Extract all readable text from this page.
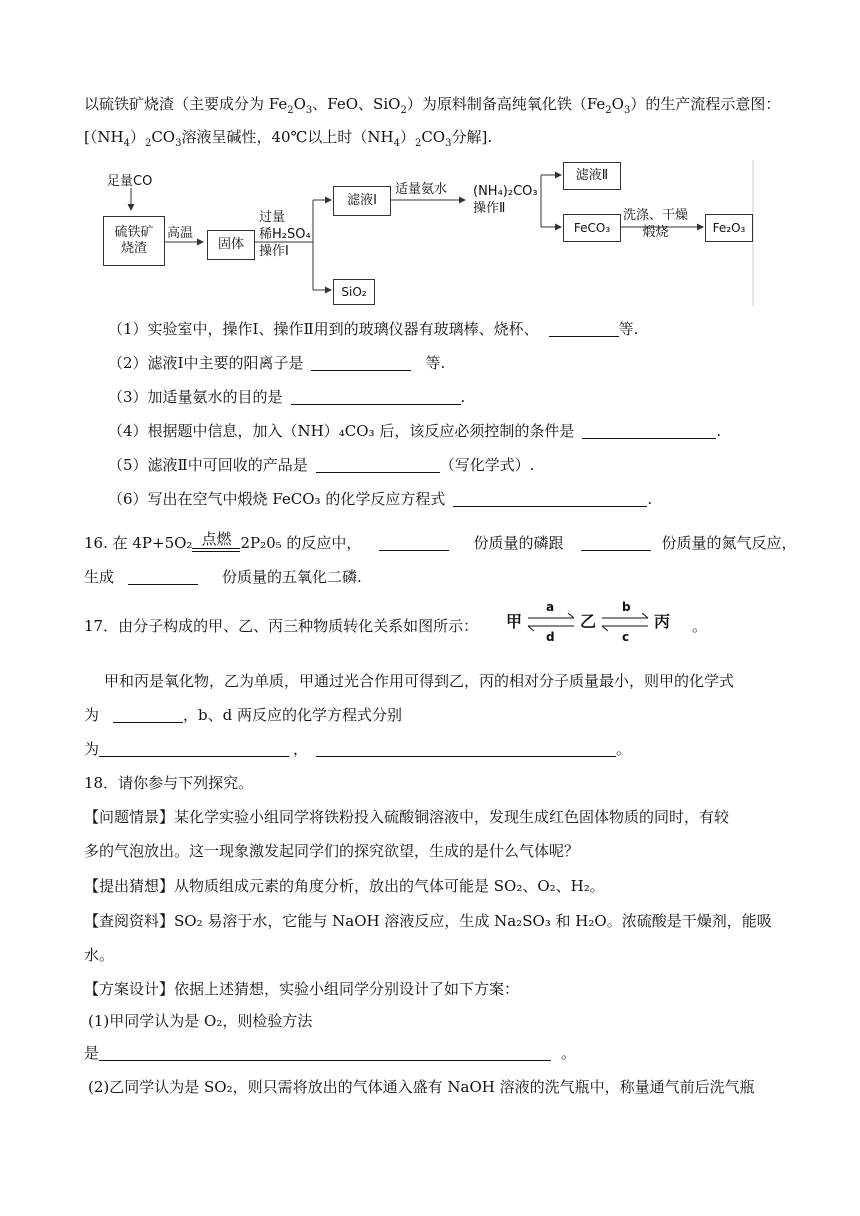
以硫铁矿烧渣（主要成分为 $Fe_2O_3$、FeO、SiO$_2$）为原料制备高纯氧化铁$(Fe_2O_3)$的生产流程示意图：
[$(NH_4)_2CO_3$溶液呈碱性，40℃以上时$(NH_4)_2CO_3$分解].
足量CO
硫铁矿
烧渣
高温
固体
过量
稀H₂SO₄
操作Ⅰ
滤液Ⅰ
适量氨水 (NH₄)₂CO₃
操作Ⅱ
滤液Ⅱ
FeCO₃
洗涤、干燥
煅烧	Fe₂O₃
SiO₂
（1）实验室中，操作Ⅰ、操作Ⅱ用到的玻璃仪器有玻璃棒、烧杯、	等.
（2）滤液Ⅰ中主要的阳离子是	等.
（3）加适量氨水的目的是	.
（4）根据题中信息，加入（NH）₄CO₃ 后，该反应必须控制的条件是	.
（5）滤液Ⅱ中可回收的产品是	（写化学式）.
（6）写出在空气中煅烧 FeCO₃ 的化学反应方程式	.
16. 在 4P+5O₂ 点燃 2P₂0₅ 的反应中，	份质量的磷跟	份质量的氮气反应，
生成	份质量的五氧化二磷.
17．由分子构成的甲、乙、丙三种物质转化关系如图所示： 甲	乙	丙
a
d
b
c
。
甲和丙是氧化物，乙为单质，甲通过光合作用可得到乙，丙的相对分子质量最小，则甲的化学式
为	，b、d 两反应的化学方程式分别
为	，	。
18．请你参与下列探究。
【问题情景】某化学实验小组同学将铁粉投入硫酸铜溶液中，发现生成红色固体物质的同时，有较
多的气泡放出。这一现象激发起同学们的探究欲望，生成的是什么气体呢？
【提出猜想】从物质组成元素的角度分析，放出的气体可能是 SO₂、O₂、H₂。
【查阅资料】SO₂ 易溶于水，它能与 NaOH 溶液反应，生成 Na₂SO₃ 和 H₂O。浓硫酸是干燥剂，能吸
水。
【方案设计】依据上述猜想，实验小组同学分别设计了如下方案：
(1)甲同学认为是 O₂，则检验方法
是	。
(2)乙同学认为是 SO₂，则只需将放出的气体通入盛有 NaOH 溶液的洗气瓶中，称量通气前后洗气瓶
